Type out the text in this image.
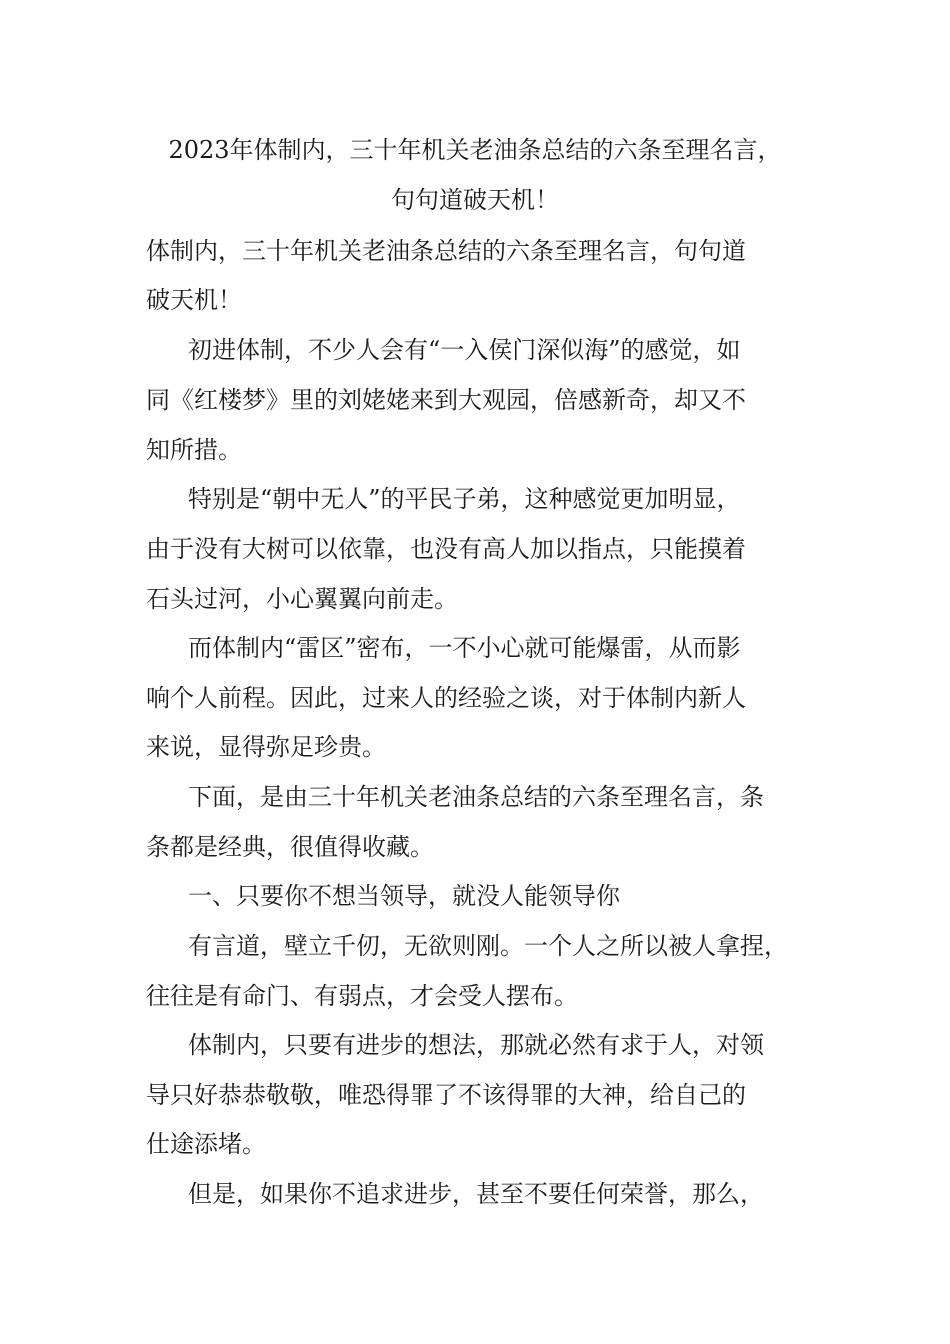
2023年体制内，三十年机关老油条总结的六条至理名言，
句句道破天机！
体制内，三十年机关老油条总结的六条至理名言，句句道
破天机！
初进体制，不少人会有“一入侯门深似海”的感觉，如
同《红楼梦》里的刘姥姥来到大观园，倍感新奇，却又不
知所措。
特别是“朝中无人”的平民子弟，这种感觉更加明显，
由于没有大树可以依靠，也没有高人加以指点，只能摸着
石头过河，小心翼翼向前走。
而体制内“雷区”密布，一不小心就可能爆雷，从而影
响个人前程。因此，过来人的经验之谈，对于体制内新人
来说，显得弥足珍贵。
下面，是由三十年机关老油条总结的六条至理名言，条
条都是经典，很值得收藏。
一、只要你不想当领导，就没人能领导你
有言道，壁立千仞，无欲则刚。一个人之所以被人拿捏，
往往是有命门、有弱点，才会受人摆布。
体制内，只要有进步的想法，那就必然有求于人，对领
导只好恭恭敬敬，唯恐得罪了不该得罪的大神，给自己的
仕途添堵。
但是，如果你不追求进步，甚至不要任何荣誉，那么，
